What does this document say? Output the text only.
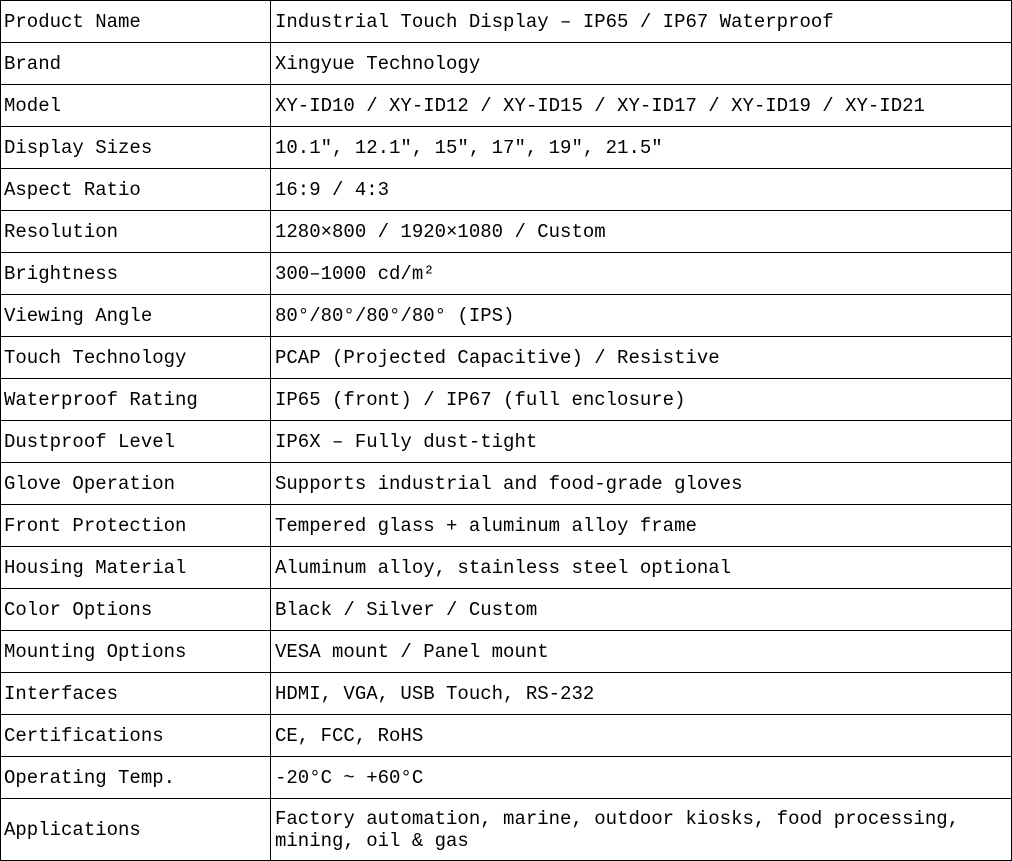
Product Name	Industrial Touch Display – IP65 / IP67 Waterproof
Brand	Xingyue Technology
Model	XY-ID10 / XY-ID12 / XY-ID15 / XY-ID17 / XY-ID19 / XY-ID21
Display Sizes	10.1″, 12.1″, 15″, 17″, 19″, 21.5″
Aspect Ratio	16:9 / 4:3
Resolution	1280×800 / 1920×1080 / Custom
Brightness	300–1000 cd/m²
Viewing Angle	80°/80°/80°/80° (IPS)
Touch Technology	PCAP (Projected Capacitive) / Resistive
Waterproof Rating	IP65 (front) / IP67 (full enclosure)
Dustproof Level	IP6X – Fully dust-tight
Glove Operation	Supports industrial and food-grade gloves
Front Protection	Tempered glass + aluminum alloy frame
Housing Material	Aluminum alloy, stainless steel optional
Color Options	Black / Silver / Custom
Mounting Options	VESA mount / Panel mount
Interfaces	HDMI, VGA, USB Touch, RS-232
Certifications	CE, FCC, RoHS
Operating Temp.	-20°C ~ +60°C
Applications	Factory automation, marine, outdoor kiosks, food processing, mining, oil & gas
